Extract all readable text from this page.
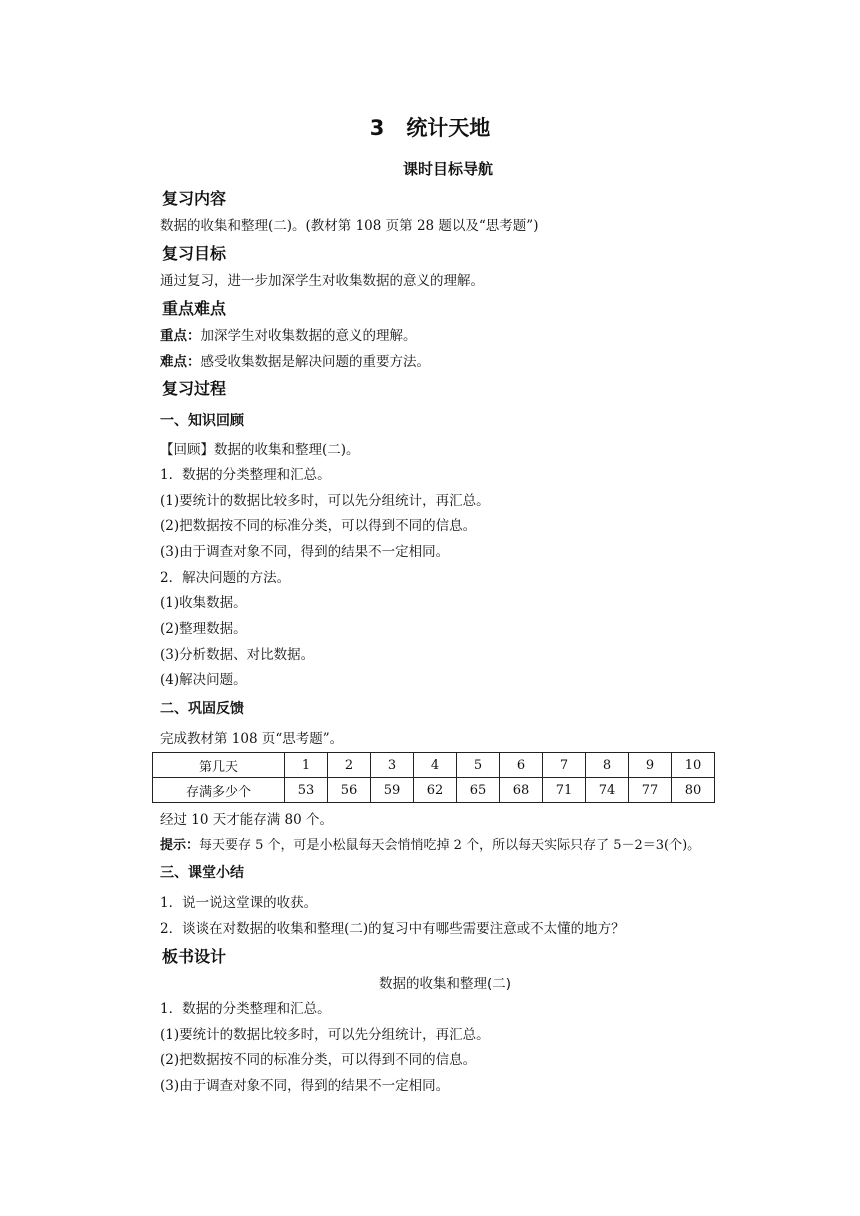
3 统计天地
课时目标导航
复习内容
数据的收集和整理(二)。(教材第 108 页第 28 题以及“思考题”)
复习目标
通过复习，进一步加深学生对收集数据的意义的理解。
重点难点
重点：加深学生对收集数据的意义的理解。
难点：感受收集数据是解决问题的重要方法。
复习过程
一、知识回顾
【回顾】数据的收集和整理(二)。
1．数据的分类整理和汇总。
(1)要统计的数据比较多时，可以先分组统计，再汇总。
(2)把数据按不同的标准分类，可以得到不同的信息。
(3)由于调查对象不同，得到的结果不一定相同。
2．解决问题的方法。
(1)收集数据。
(2)整理数据。
(3)分析数据、对比数据。
(4)解决问题。
二、巩固反馈
完成教材第 108 页“思考题”。
第几天	1	2	3	4	5	6	7	8	9	10
存满多少个	53	56	59	62	65	68	71	74	77	80
经过 10 天才能存满 80 个。
提示：每天要存 5 个，可是小松鼠每天会悄悄吃掉 2 个，所以每天实际只存了 5－2＝3(个)。
三、课堂小结
1．说一说这堂课的收获。
2．谈谈在对数据的收集和整理(二)的复习中有哪些需要注意或不太懂的地方？
板书设计
数据的收集和整理(二)
1．数据的分类整理和汇总。
(1)要统计的数据比较多时，可以先分组统计，再汇总。
(2)把数据按不同的标准分类，可以得到不同的信息。
(3)由于调查对象不同，得到的结果不一定相同。
